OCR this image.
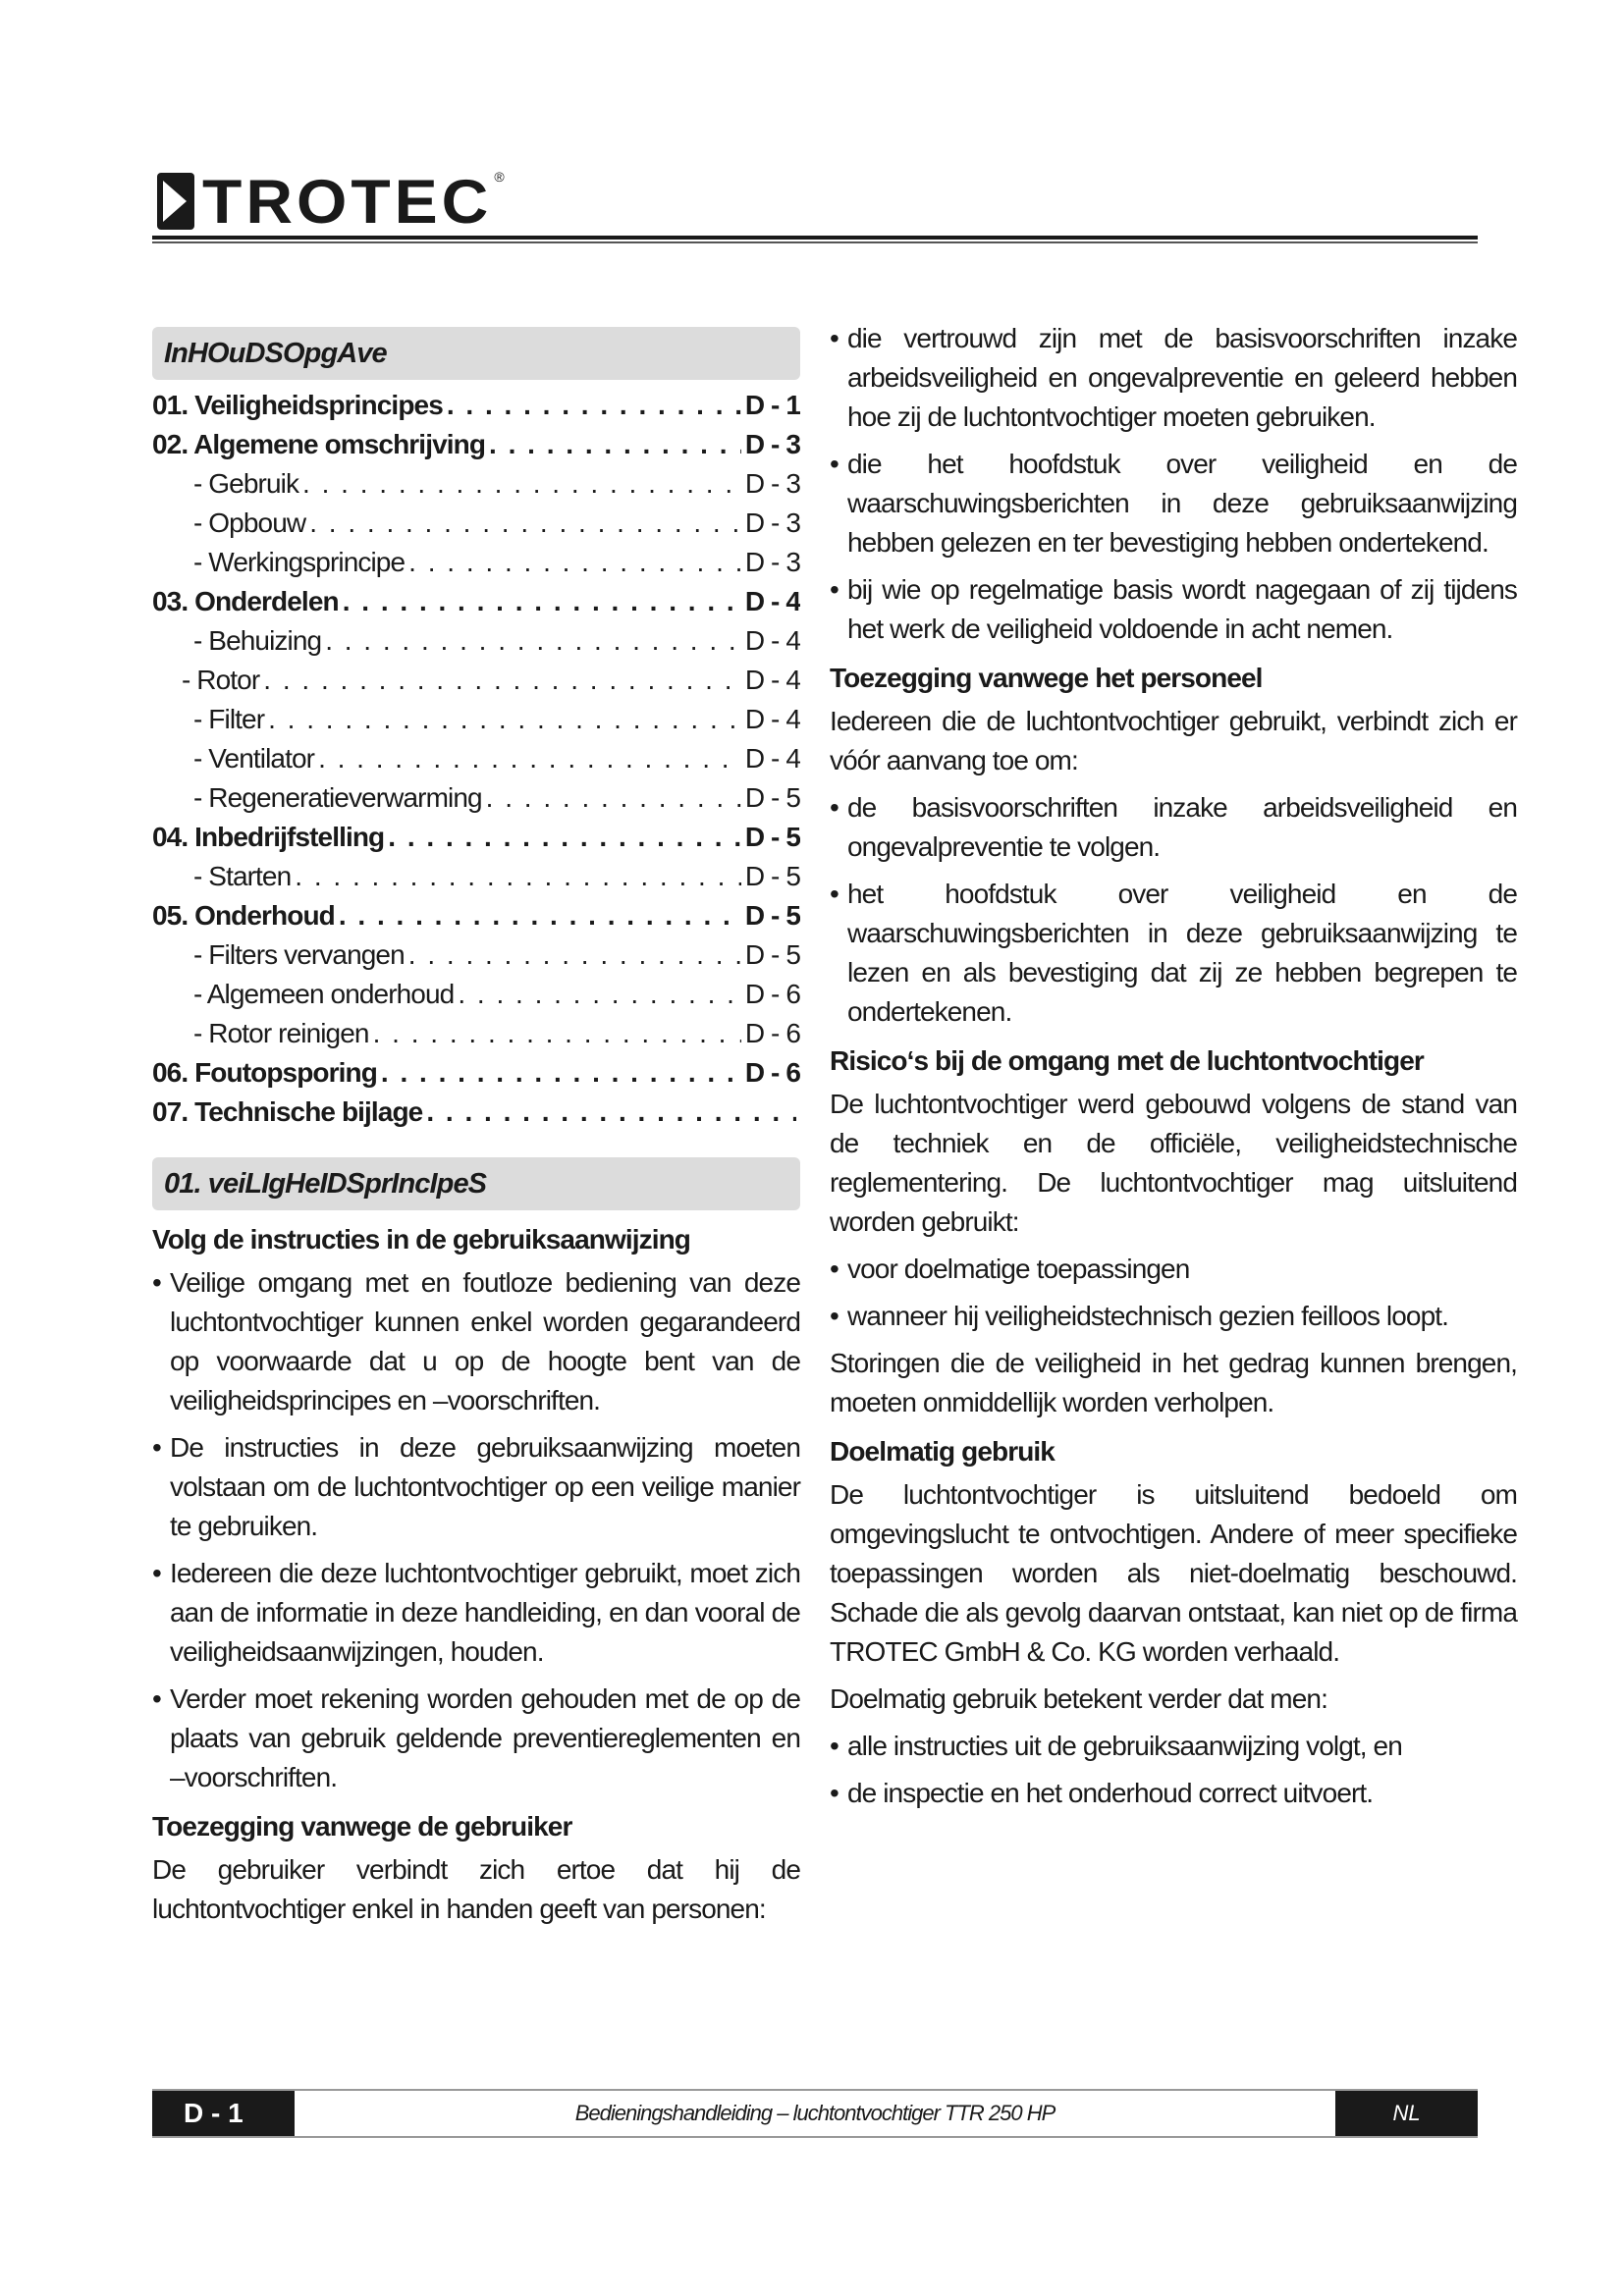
TROTEC ®
InHOuDSOpgAve
01. Veiligheidsprincipes . . .	D - 1
02. Algemene omschrijving . . .	D - 3
- Gebruik . . .	D - 3
- Opbouw . . .	D - 3
- Werkingsprincipe . . .	D - 3
03. Onderdelen . . .	D - 4
- Behuizing . . .	D - 4
- Rotor . . .	D - 4
- Filter . . .	D - 4
- Ventilator . . .	D - 4
- Regeneratieverwarming . . .	D - 5
04. Inbedrijfstelling . . .	D - 5
- Starten . . .	D - 5
05. Onderhoud . . .	D - 5
- Filters vervangen . . .	D - 5
- Algemeen onderhoud . . .	D - 6
- Rotor reinigen . . .	D - 6
06. Foutopsporing . . .	D - 6
07. Technische bijlage
. . .
01. veiLIgHeIDSprIncIpeS
Volg de instructies in de gebruiksaanwijzing
• Veilige omgang met en foutloze bediening van deze luchtontvochtiger kunnen enkel worden gegarandeerd op voorwaarde dat u op de hoogte bent van de veiligheidsprincipes en –voorschriften.
• De instructies in deze gebruiksaanwijzing moeten volstaan om de luchtontvochtiger op een veilige manier te gebruiken.
• Iedereen die deze luchtontvochtiger gebruikt, moet zich aan de informatie in deze handleiding, en dan vooral de veiligheidsaanwijzingen, houden.
• Verder moet rekening worden gehouden met de op de plaats van gebruik geldende preventiereglementen en –voorschriften.
Toezegging vanwege de gebruiker

De gebruiker verbindt zich ertoe dat hij de luchtontvochtiger enkel in handen geeft van personen:

• die vertrouwd zijn met de basisvoorschriften inzake arbeidsveiligheid en ongevalpreventie en geleerd hebben hoe zij de luchtontvochtiger moeten gebruiken.
• die het hoofdstuk over veiligheid en de waarschuwingsberichten in deze gebruiksaanwijzing hebben gelezen en ter bevestiging hebben ondertekend.
• bij wie op regelmatige basis wordt nagegaan of zij tijdens het werk de veiligheid voldoende in acht nemen.
Toezegging vanwege het personeel

Iedereen die de luchtontvochtiger gebruikt, verbindt zich er vóór aanvang toe om:

• de basisvoorschriften inzake arbeidsveiligheid en ongevalpreventie te volgen.
• het hoofdstuk over veiligheid en de waarschuwingsberichten in deze gebruiksaanwijzing te lezen en als bevestiging dat zij ze hebben begrepen te ondertekenen.
Risico‘s bij de omgang met de luchtontvochtiger

De luchtontvochtiger werd gebouwd volgens de stand van de techniek en de officiële, veiligheidstechnische reglementering. De luchtontvochtiger mag uitsluitend worden gebruikt:

• voor doelmatige toepassingen
• wanneer hij veiligheidstechnisch gezien feilloos loopt.

Storingen die de veiligheid in het gedrag kunnen brengen, moeten onmiddellijk worden verholpen.

Doelmatig gebruik

De luchtontvochtiger is uitsluitend bedoeld om omgevingslucht te ontvochtigen. Andere of meer specifieke toepassingen worden als niet-doelmatig beschouwd. Schade die als gevolg daarvan ontstaat, kan niet op de firma TROTEC GmbH & Co. KG worden verhaald.

Doelmatig gebruik betekent verder dat men:

• alle instructies uit de gebruiksaanwijzing volgt, en
• de inspectie en het onderhoud correct uitvoert.
D - 1	Bedieningshandleiding – luchtontvochtiger TTR 250 HP	NL
